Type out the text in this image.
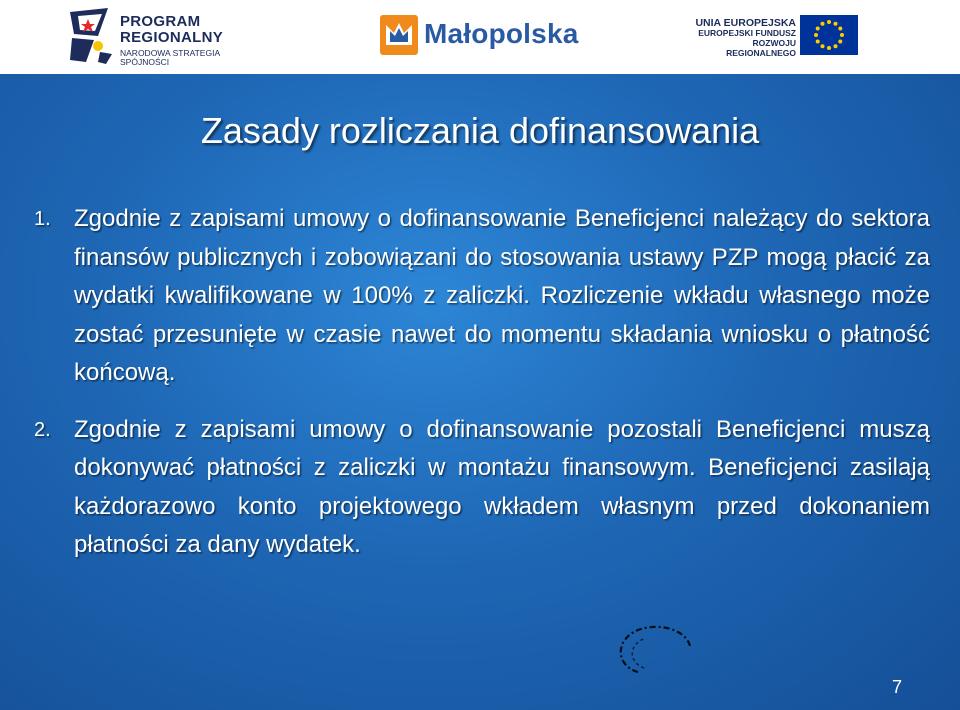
PROGRAM
REGIONALNY
NARODOWA STRATEGIA SPÓJNOŚCI
Małopolska	UNIA EUROPEJSKA
EUROPEJSKI FUNDUSZ
ROZWOJU REGIONALNEGO
Zasady rozliczania dofinansowania
1. Zgodnie z zapisami umowy o dofinansowanie Beneficjenci należący do sektora finansów publicznych i zobowiązani do stosowania ustawy PZP mogą płacić za wydatki kwalifikowane w 100% z zaliczki. Rozliczenie wkładu własnego może zostać przesunięte w czasie nawet do momentu składania wniosku o płatność końcową.
2. Zgodnie z zapisami umowy o dofinansowanie pozostali Beneficjenci muszą dokonywać płatności z zaliczki w montażu finansowym. Beneficjenci zasilają każdorazowo konto projektowego wkładem własnym przed dokonaniem płatności za dany wydatek.
7
